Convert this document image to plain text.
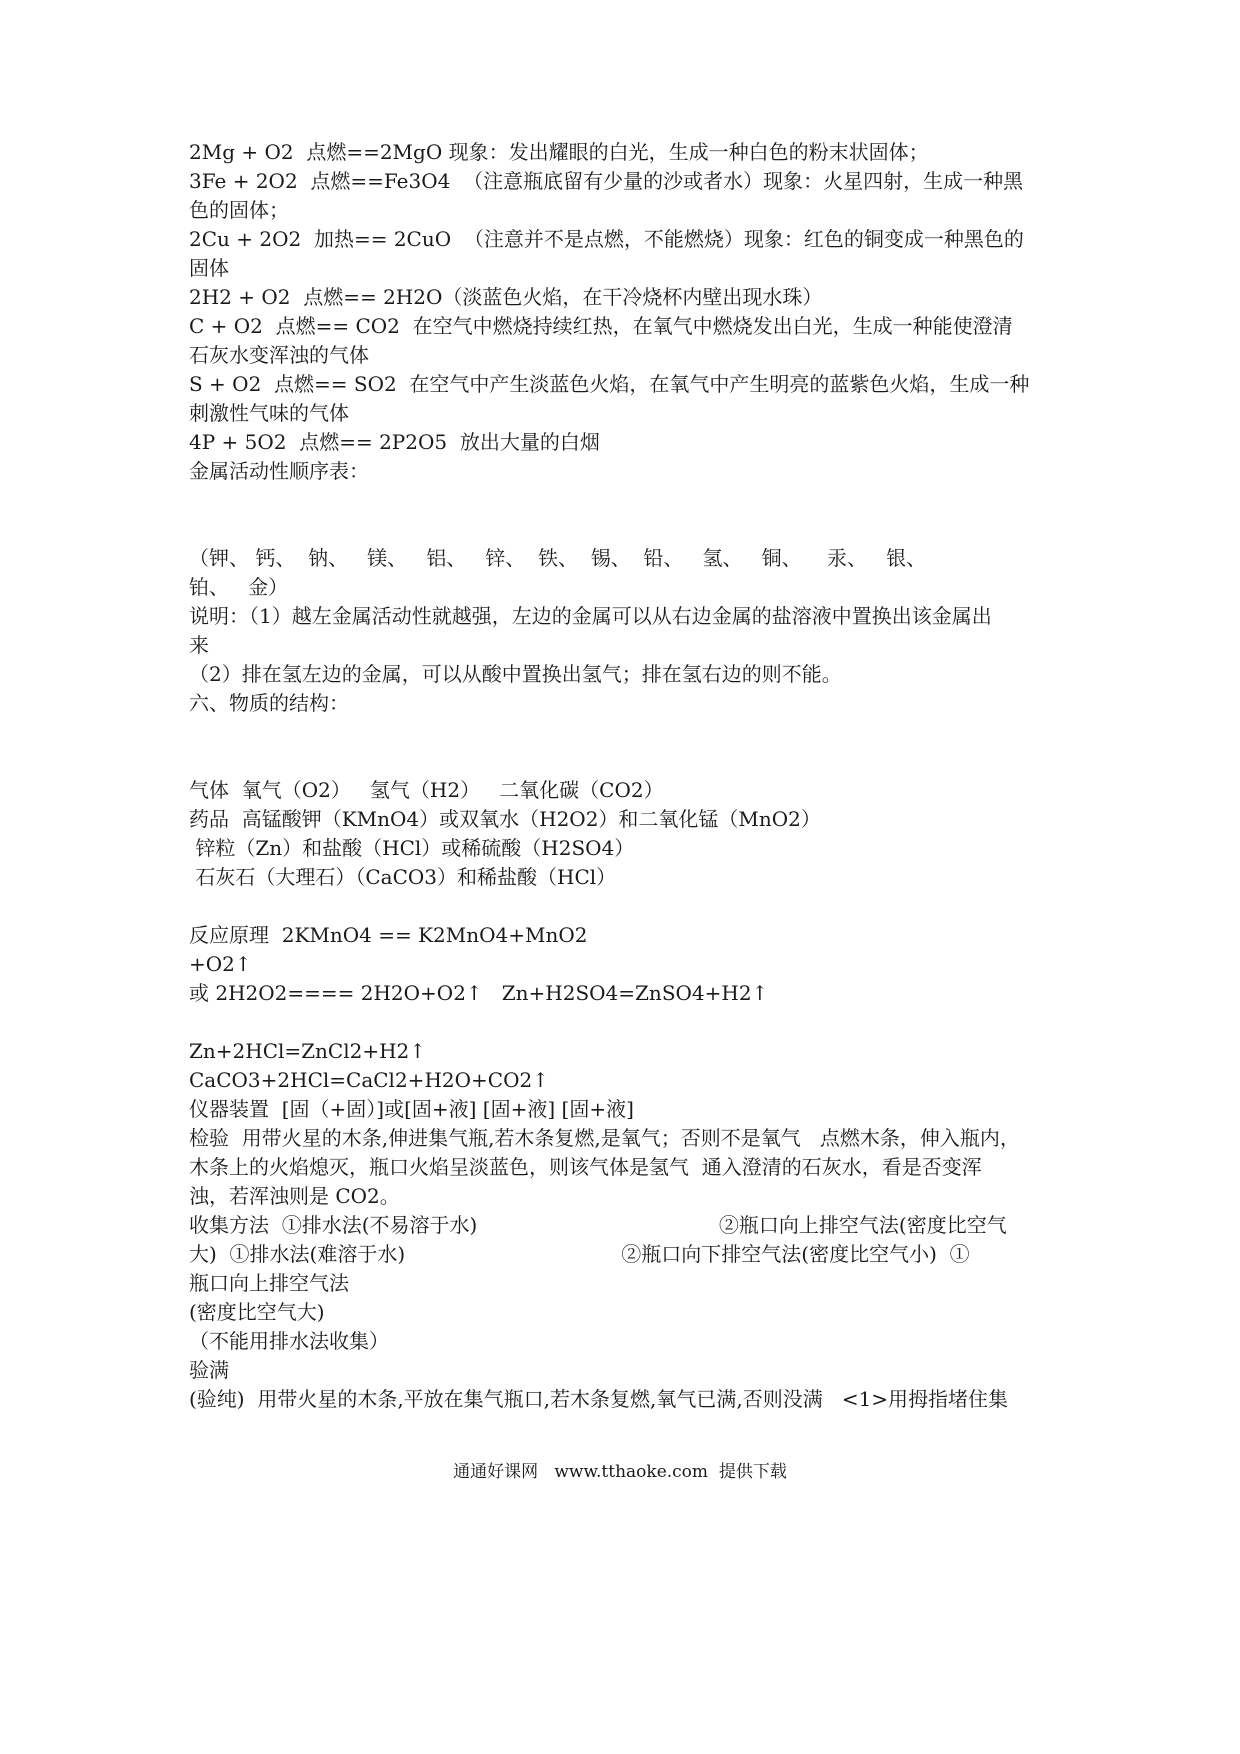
2Mg + O2  点燃==2MgO 现象：发出耀眼的白光，生成一种白色的粉末状固体；
3Fe + 2O2  点燃==Fe3O4  （注意瓶底留有少量的沙或者水）现象：火星四射，生成一种黑
色的固体；
2Cu + 2O2  加热== 2CuO  （注意并不是点燃，不能燃烧）现象：红色的铜变成一种黑色的
固体
2H2 + O2  点燃== 2H2O（淡蓝色火焰，在干冷烧杯内壁出现水珠）
C + O2  点燃== CO2  在空气中燃烧持续红热，在氧气中燃烧发出白光，生成一种能使澄清
石灰水变浑浊的气体
S + O2  点燃== SO2  在空气中产生淡蓝色火焰，在氧气中产生明亮的蓝紫色火焰，生成一种
刺激性气味的气体
4P + 5O2  点燃== 2P2O5  放出大量的白烟
金属活动性顺序表：
（钾、 钙、  钠、   镁、   铝、   锌、  铁、  锡、  铅、   氢、   铜、    汞、   银、
铂、   金）
说明：（1）越左金属活动性就越强，左边的金属可以从右边金属的盐溶液中置换出该金属出
来
（2）排在氢左边的金属，可以从酸中置换出氢气；排在氢右边的则不能。
六、物质的结构：
气体  氧气（O2）   氢气（H2）   二氧化碳（CO2）
药品  高锰酸钾（KMnO4）或双氧水（H2O2）和二氧化锰（MnO2）
锌粒（Zn）和盐酸（HCl）或稀硫酸（H2SO4）
石灰石（大理石）（CaCO3）和稀盐酸（HCl）
反应原理  2KMnO4 == K2MnO4+MnO2
+O2↑
或 2H2O2==== 2H2O+O2↑   Zn+H2SO4=ZnSO4+H2↑
Zn+2HCl=ZnCl2+H2↑
CaCO3+2HCl=CaCl2+H2O+CO2↑
仪器装置  [固（+固）]或[固+液] [固+液] [固+液]
检验  用带火星的木条,伸进集气瓶,若木条复燃,是氧气；否则不是氧气   点燃木条，伸入瓶内，
木条上的火焰熄灭，瓶口火焰呈淡蓝色，则该气体是氢气  通入澄清的石灰水，看是否变浑
浊，若浑浊则是 CO2。
收集方法  ①排水法(不易溶于水)                                      ②瓶口向上排空气法(密度比空气
大)  ①排水法(难溶于水)                                  ②瓶口向下排空气法(密度比空气小)  ①
瓶口向上排空气法
(密度比空气大)
（不能用排水法收集）
验满
(验纯)  用带火星的木条,平放在集气瓶口,若木条复燃,氧气已满,否则没满   <1>用拇指堵住集
通通好课网   www.tthaoke.com  提供下载
